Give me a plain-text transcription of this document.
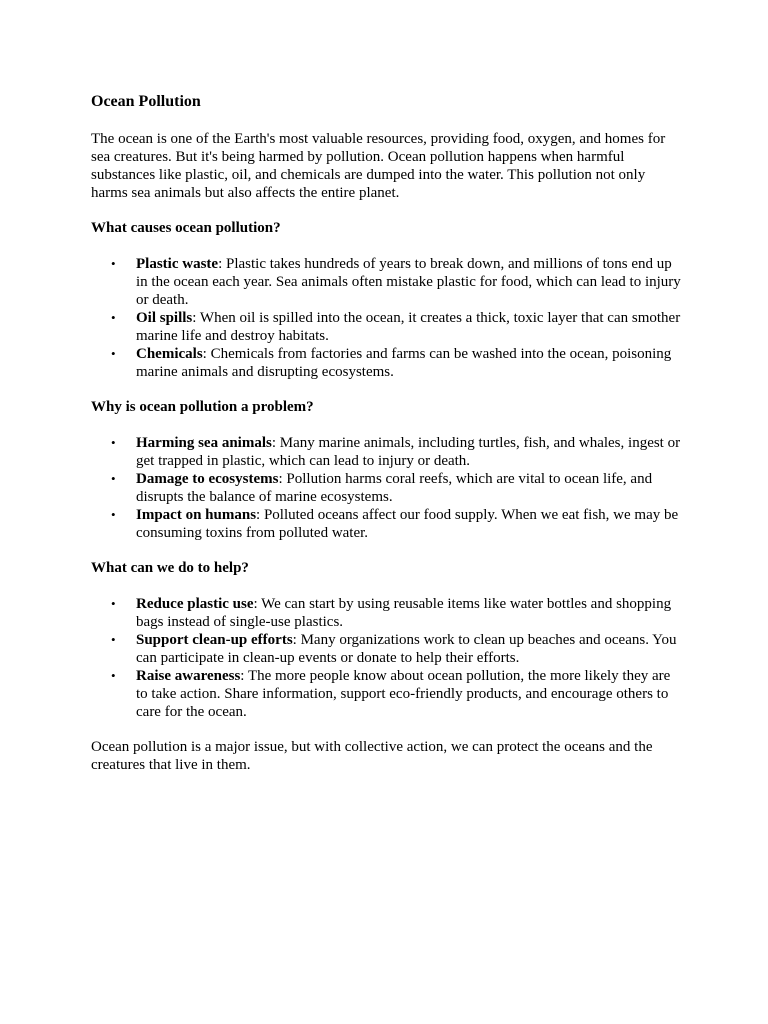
Ocean Pollution

The ocean is one of the Earth's most valuable resources, providing food, oxygen, and homes for sea creatures. But it's being harmed by pollution. Ocean pollution happens when harmful substances like plastic, oil, and chemicals are dumped into the water. This pollution not only harms sea animals but also affects the entire planet.

What causes ocean pollution?
• Plastic waste: Plastic takes hundreds of years to break down, and millions of tons end up in the ocean each year. Sea animals often mistake plastic for food, which can lead to injury or death.
• Oil spills: When oil is spilled into the ocean, it creates a thick, toxic layer that can smother marine life and destroy habitats.
• Chemicals: Chemicals from factories and farms can be washed into the ocean, poisoning marine animals and disrupting ecosystems.
Why is ocean pollution a problem?
• Harming sea animals: Many marine animals, including turtles, fish, and whales, ingest or get trapped in plastic, which can lead to injury or death.
• Damage to ecosystems: Pollution harms coral reefs, which are vital to ocean life, and disrupts the balance of marine ecosystems.
• Impact on humans: Polluted oceans affect our food supply. When we eat fish, we may be consuming toxins from polluted water.
What can we do to help?
• Reduce plastic use: We can start by using reusable items like water bottles and shopping bags instead of single-use plastics.
• Support clean-up efforts: Many organizations work to clean up beaches and oceans. You can participate in clean-up events or donate to help their efforts.
• Raise awareness: The more people know about ocean pollution, the more likely they are to take action. Share information, support eco-friendly products, and encourage others to care for the ocean.

Ocean pollution is a major issue, but with collective action, we can protect the oceans and the creatures that live in them.
